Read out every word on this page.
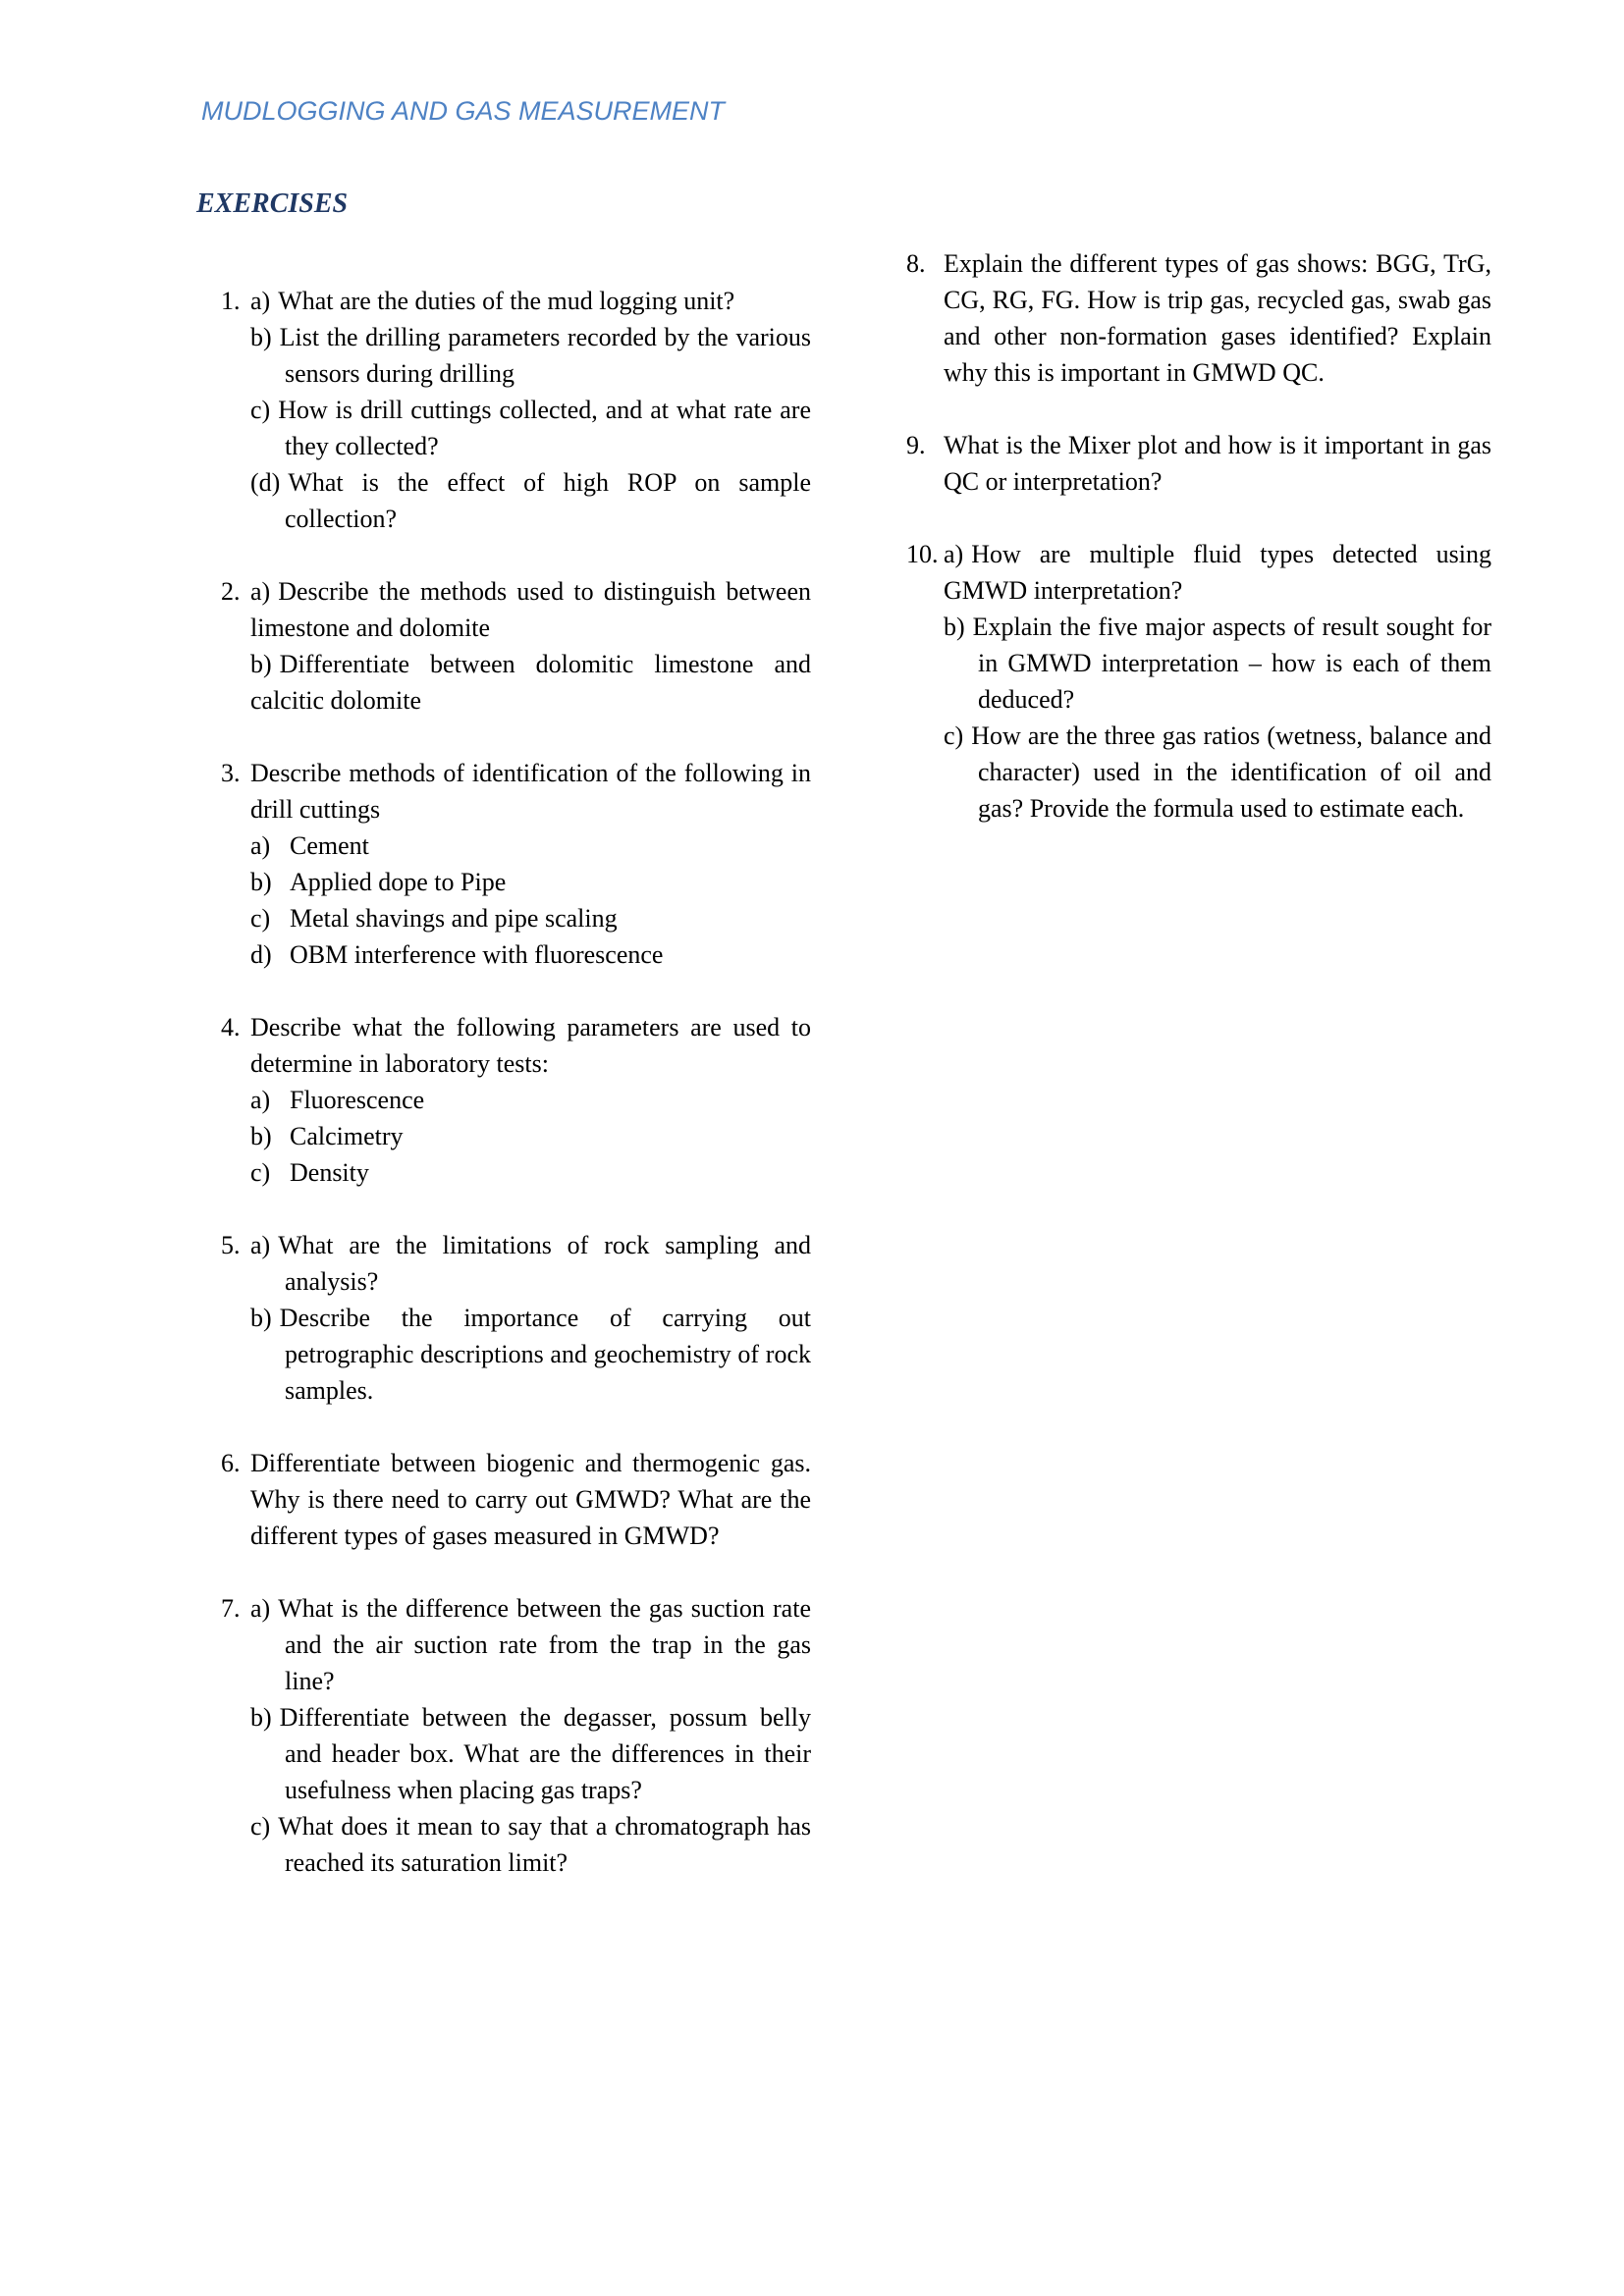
MUDLOGGING AND GAS MEASUREMENT
EXERCISES
1. a) What are the duties of the mud logging unit?

b) List the drilling parameters recorded by the various sensors during drilling

c) How is drill cuttings collected, and at what rate are they collected?

(d) What is the effect of high ROP on sample collection?

2. a) Describe the methods used to distinguish between limestone and dolomite

b) Differentiate between dolomitic limestone and calcitic dolomite

3. Describe methods of identification of the following in drill cuttings

a) Cement
b) Applied dope to Pipe
c) Metal shavings and pipe scaling
d) OBM interference with fluorescence
4. Describe what the following parameters are used to determine in laboratory tests:

a) Fluorescence
b) Calcimetry
c) Density
5. a) What are the limitations of rock sampling and analysis?

b) Describe the importance of carrying out petrographic descriptions and geochemistry of rock samples.

6. Differentiate between biogenic and thermogenic gas. Why is there need to carry out GMWD? What are the different types of gases measured in GMWD?

7. a) What is the difference between the gas suction rate and the air suction rate from the trap in the gas line?

b) Differentiate between the degasser, possum belly and header box. What are the differences in their usefulness when placing gas traps?

c) What does it mean to say that a chromatograph has reached its saturation limit?

8. Explain the different types of gas shows: BGG, TrG, CG, RG, FG. How is trip gas, recycled gas, swab gas and other non-formation gases identified? Explain why this is important in GMWD QC.

9. What is the Mixer plot and how is it important in gas QC or interpretation?

10. a) How are multiple fluid types detected using GMWD interpretation?

b) Explain the five major aspects of result sought for in GMWD interpretation – how is each of them deduced?

c) How are the three gas ratios (wetness, balance and character) used in the identification of oil and gas? Provide the formula used to estimate each.
